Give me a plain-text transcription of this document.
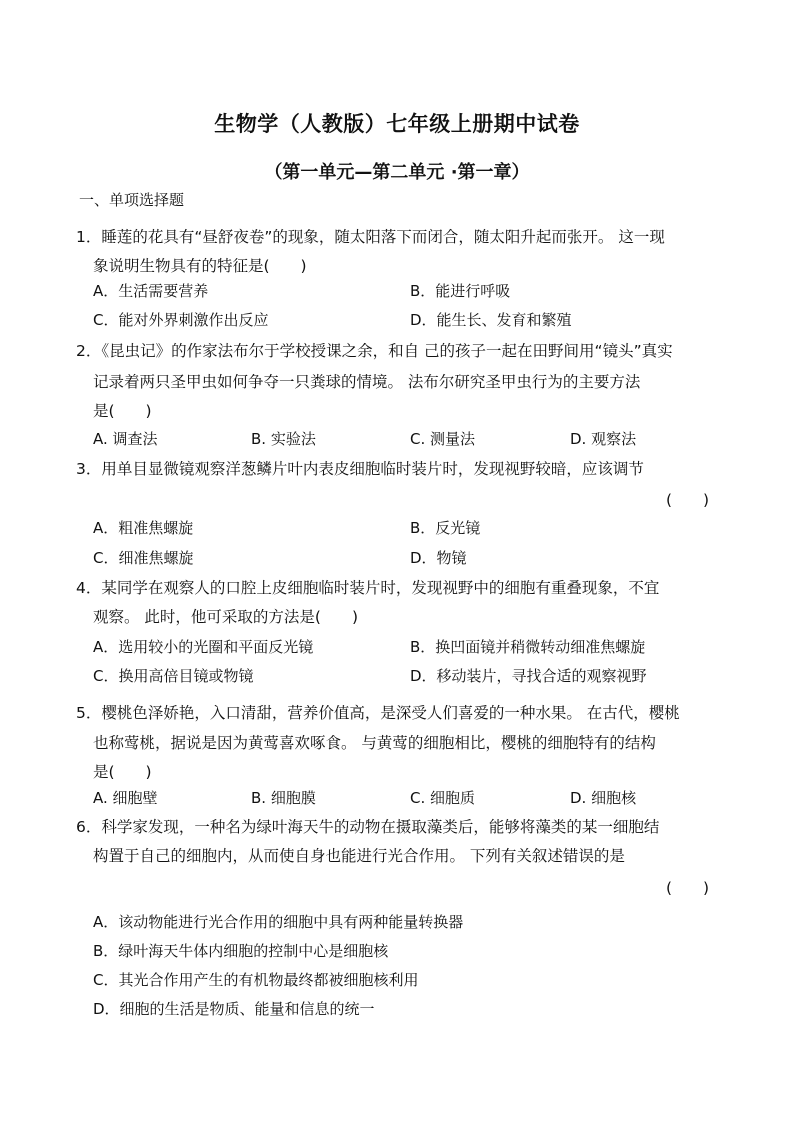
生物学（人教版）七年级上册期中试卷
（第一单元—第二单元 ·第一章）
一、单项选择题
1．睡莲的花具有“昼舒夜卷”的现象，随太阳落下而闭合，随太阳升起而张开。 这一现
象说明生物具有的特征是(　　)
A．生活需要营养	B．能进行呼吸
C．能对外界刺激作出反应	D．能生长、发育和繁殖
2．《昆虫记》的作家法布尔于学校授课之余，和自 己的孩子一起在田野间用“镜头”真实
记录着两只圣甲虫如何争夺一只粪球的情境。 法布尔研究圣甲虫行为的主要方法
是(　　)
A. 调查法	B. 实验法	C. 测量法	D. 观察法
3．用单目显微镜观察洋葱鳞片叶内表皮细胞临时装片时，发现视野较暗，应该调节
(　　)
A．粗准焦螺旋	B．反光镜
C．细准焦螺旋	D．物镜
4．某同学在观察人的口腔上皮细胞临时装片时，发现视野中的细胞有重叠现象，不宜
观察。 此时，他可采取的方法是(　　)
A．选用较小的光圈和平面反光镜	B．换凹面镜并稍微转动细准焦螺旋
C．换用高倍目镜或物镜	D．移动装片，寻找合适的观察视野
5．樱桃色泽娇艳，入口清甜，营养价值高，是深受人们喜爱的一种水果。 在古代，樱桃
也称莺桃，据说是因为黄莺喜欢啄食。 与黄莺的细胞相比，樱桃的细胞特有的结构
是(　　)
A. 细胞壁	B. 细胞膜	C. 细胞质	D. 细胞核
6．科学家发现，一种名为绿叶海天牛的动物在摄取藻类后，能够将藻类的某一细胞结
构置于自己的细胞内，从而使自身也能进行光合作用。 下列有关叙述错误的是
(　　)
A．该动物能进行光合作用的细胞中具有两种能量转换器
B．绿叶海天牛体内细胞的控制中心是细胞核
C．其光合作用产生的有机物最终都被细胞核利用
D．细胞的生活是物质、能量和信息的统一
